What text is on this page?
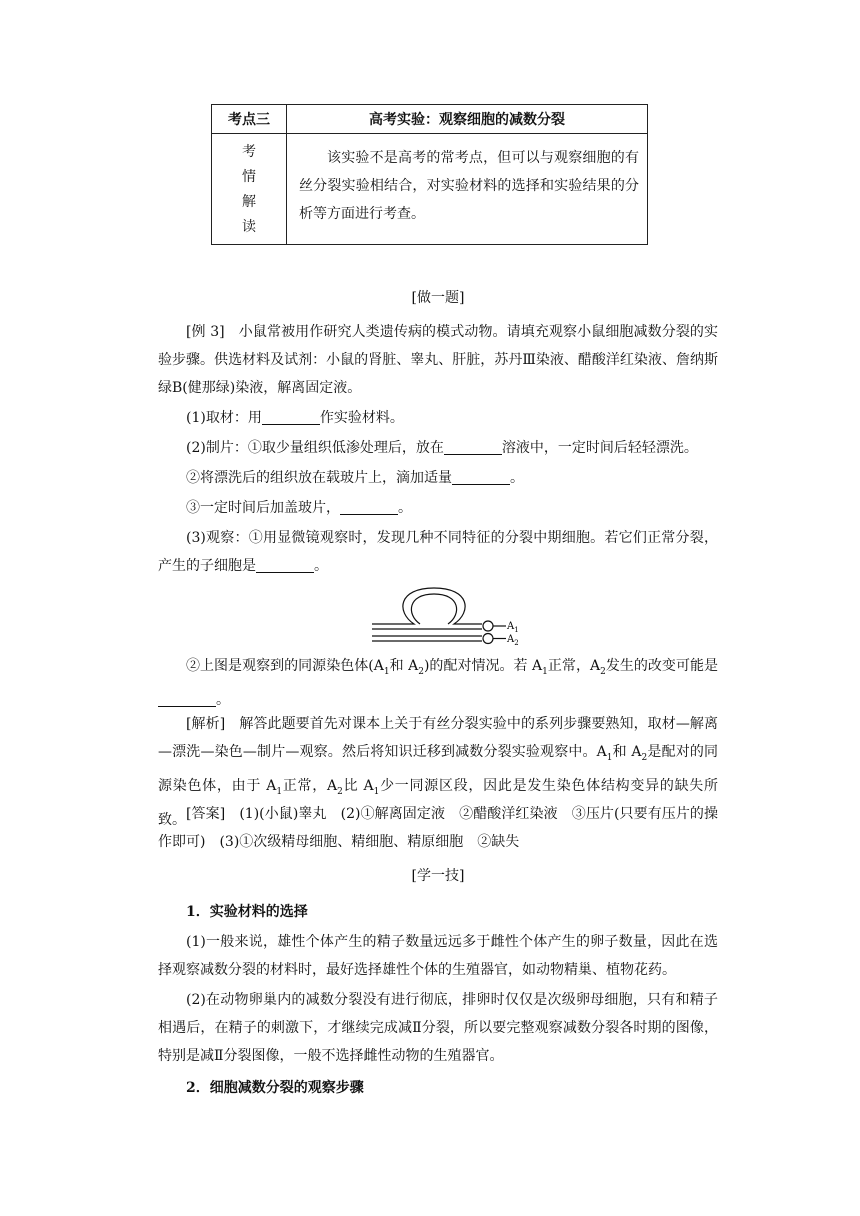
考点三	高考实验：观察细胞的减数分裂

考
情
解
读	该实验不是高考的常考点，但可以与观察细胞的有丝分裂实验相结合，对实验材料的选择和实验结果的分析等方面进行考查。
[做一题]
[例 3]　 小鼠常被用作研究人类遗传病的模式动物。请填充观察小鼠细胞减数分裂的实验步骤。供选材料及试剂：小鼠的肾脏、睾丸、肝脏，苏丹Ⅲ染液、醋酸洋红染液、詹纳斯绿B(健那绿)染液，解离固定液。
(1)取材：用	作实验材料。
(2)制片：①取少量组织低渗处理后，放在	溶液中，一定时间后轻轻漂洗。
②将漂洗后的组织放在载玻片上，滴加适量	。
③一定时间后加盖玻片，	。
(3)观察：①用显微镜观察时，发现几种不同特征的分裂中期细胞。若它们正常分裂，产生的子细胞是	。
$A_1$
$A_2$
②上图是观察到的同源染色体($A_1$和 $A_2$)的配对情况。若 $A_1$正常，$A_2$发生的改变可能是。
[解析]　 解答此题要首先对课本上关于有丝分裂实验中的系列步骤要熟知，取材—解离—漂洗—染色—制片—观察。然后将知识迁移到减数分裂实验观察中。$A_1$和 $A_2$是配对的同源染色体，由于 $A_1$正常，$A_2$比 $A_1$少一同源区段，因此是发生染色体结构变异的缺失所致。 [答案]　 (1)(小鼠)睾丸　(2)①解离固定液　②醋酸洋红染液　③压片(只要有压片的操作即可)　(3)①次级精母细胞、精细胞、精原细胞　②缺失
[学一技]
1．实验材料的选择
(1)一般来说，雄性个体产生的精子数量远远多于雌性个体产生的卵子数量，因此在选择观察减数分裂的材料时，最好选择雄性个体的生殖器官，如动物精巢、植物花药。
(2)在动物卵巢内的减数分裂没有进行彻底，排卵时仅仅是次级卵母细胞，只有和精子相遇后，在精子的刺激下，才继续完成减Ⅱ分裂，所以要完整观察减数分裂各时期的图像，特别是减Ⅱ分裂图像，一般不选择雌性动物的生殖器官。
2．细胞减数分裂的观察步骤
